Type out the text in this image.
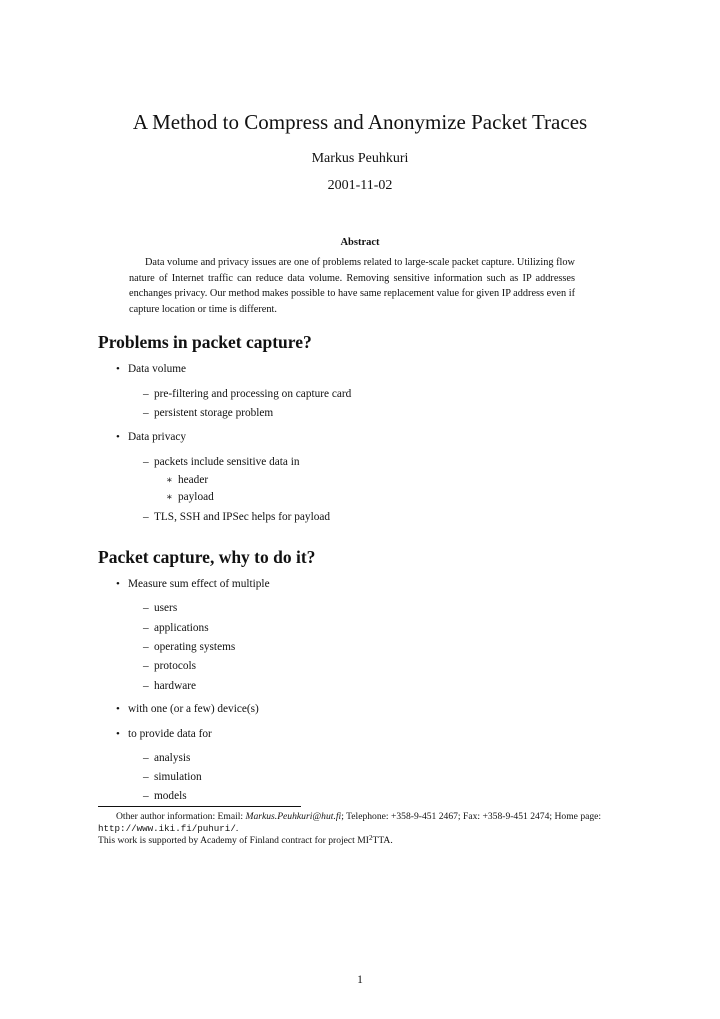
A Method to Compress and Anonymize Packet Traces
Markus Peuhkuri
2001-11-02
Abstract

Data volume and privacy issues are one of problems related to large-scale packet capture. Utilizing flow nature of Internet traffic can reduce data volume. Removing sensitive information such as IP addresses enchanges privacy. Our method makes possible to have same replacement value for given IP address even if capture location or time is different.

Problems in packet capture?
• Data volume
– pre-filtering and processing on capture card
– persistent storage problem
• Data privacy
– packets include sensitive data in
∗ header
∗ payload
– TLS, SSH and IPSec helps for payload
Packet capture, why to do it?
• Measure sum effect of multiple
– users
– applications
– operating systems
– protocols
– hardware
• with one (or a few) device(s)
• to provide data for
– analysis
– simulation
– models

Other author information: Email: Markus.Peuhkuri@hut.fi; Telephone: +358-9-451 2467; Fax: +358-9-451 2474; Home page: http://www.iki.fi/puhuri/.

This work is supported by Academy of Finland contract for project $MI^2TTA$.

1
